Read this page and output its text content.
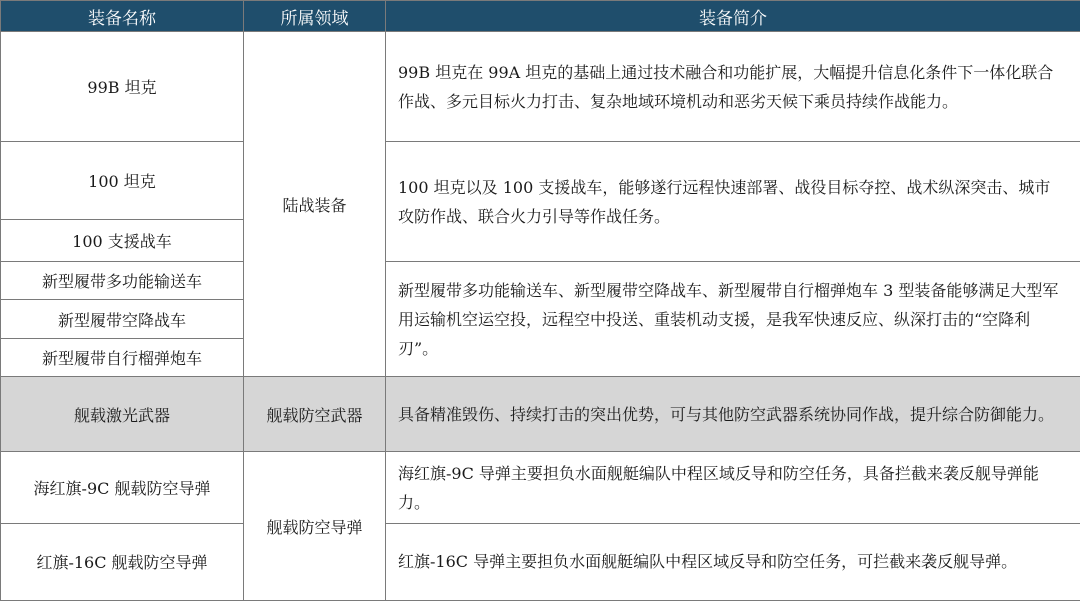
装备名称	所属领域	装备简介
99B 坦克	陆战装备	99B 坦克在 99A 坦克的基础上通过技术融合和功能扩展，大幅提升信息化条件下一体化联合作战、多元目标火力打击、复杂地域环境机动和恶劣天候下乘员持续作战能力。
100 坦克		100 坦克以及 100 支援战车，能够遂行远程快速部署、战役目标夺控、战术纵深突击、城市攻防作战、联合火力引导等作战任务。
100 支援战车		
新型履带多功能输送车		新型履带多功能输送车、新型履带空降战车、新型履带自行榴弹炮车 3 型装备能够满足大型军用运输机空运空投，远程空中投送、重装机动支援，是我军快速反应、纵深打击的“空降利刃”。
新型履带空降战车		
新型履带自行榴弹炮车		
舰载激光武器	舰载防空武器	具备精准毁伤、持续打击的突出优势，可与其他防空武器系统协同作战，提升综合防御能力。
海红旗-9C 舰载防空导弹	舰载防空导弹	海红旗-9C 导弹主要担负水面舰艇编队中程区域反导和防空任务，具备拦截来袭反舰导弹能力。
红旗-16C 舰载防空导弹		红旗-16C 导弹主要担负水面舰艇编队中程区域反导和防空任务，可拦截来袭反舰导弹。
